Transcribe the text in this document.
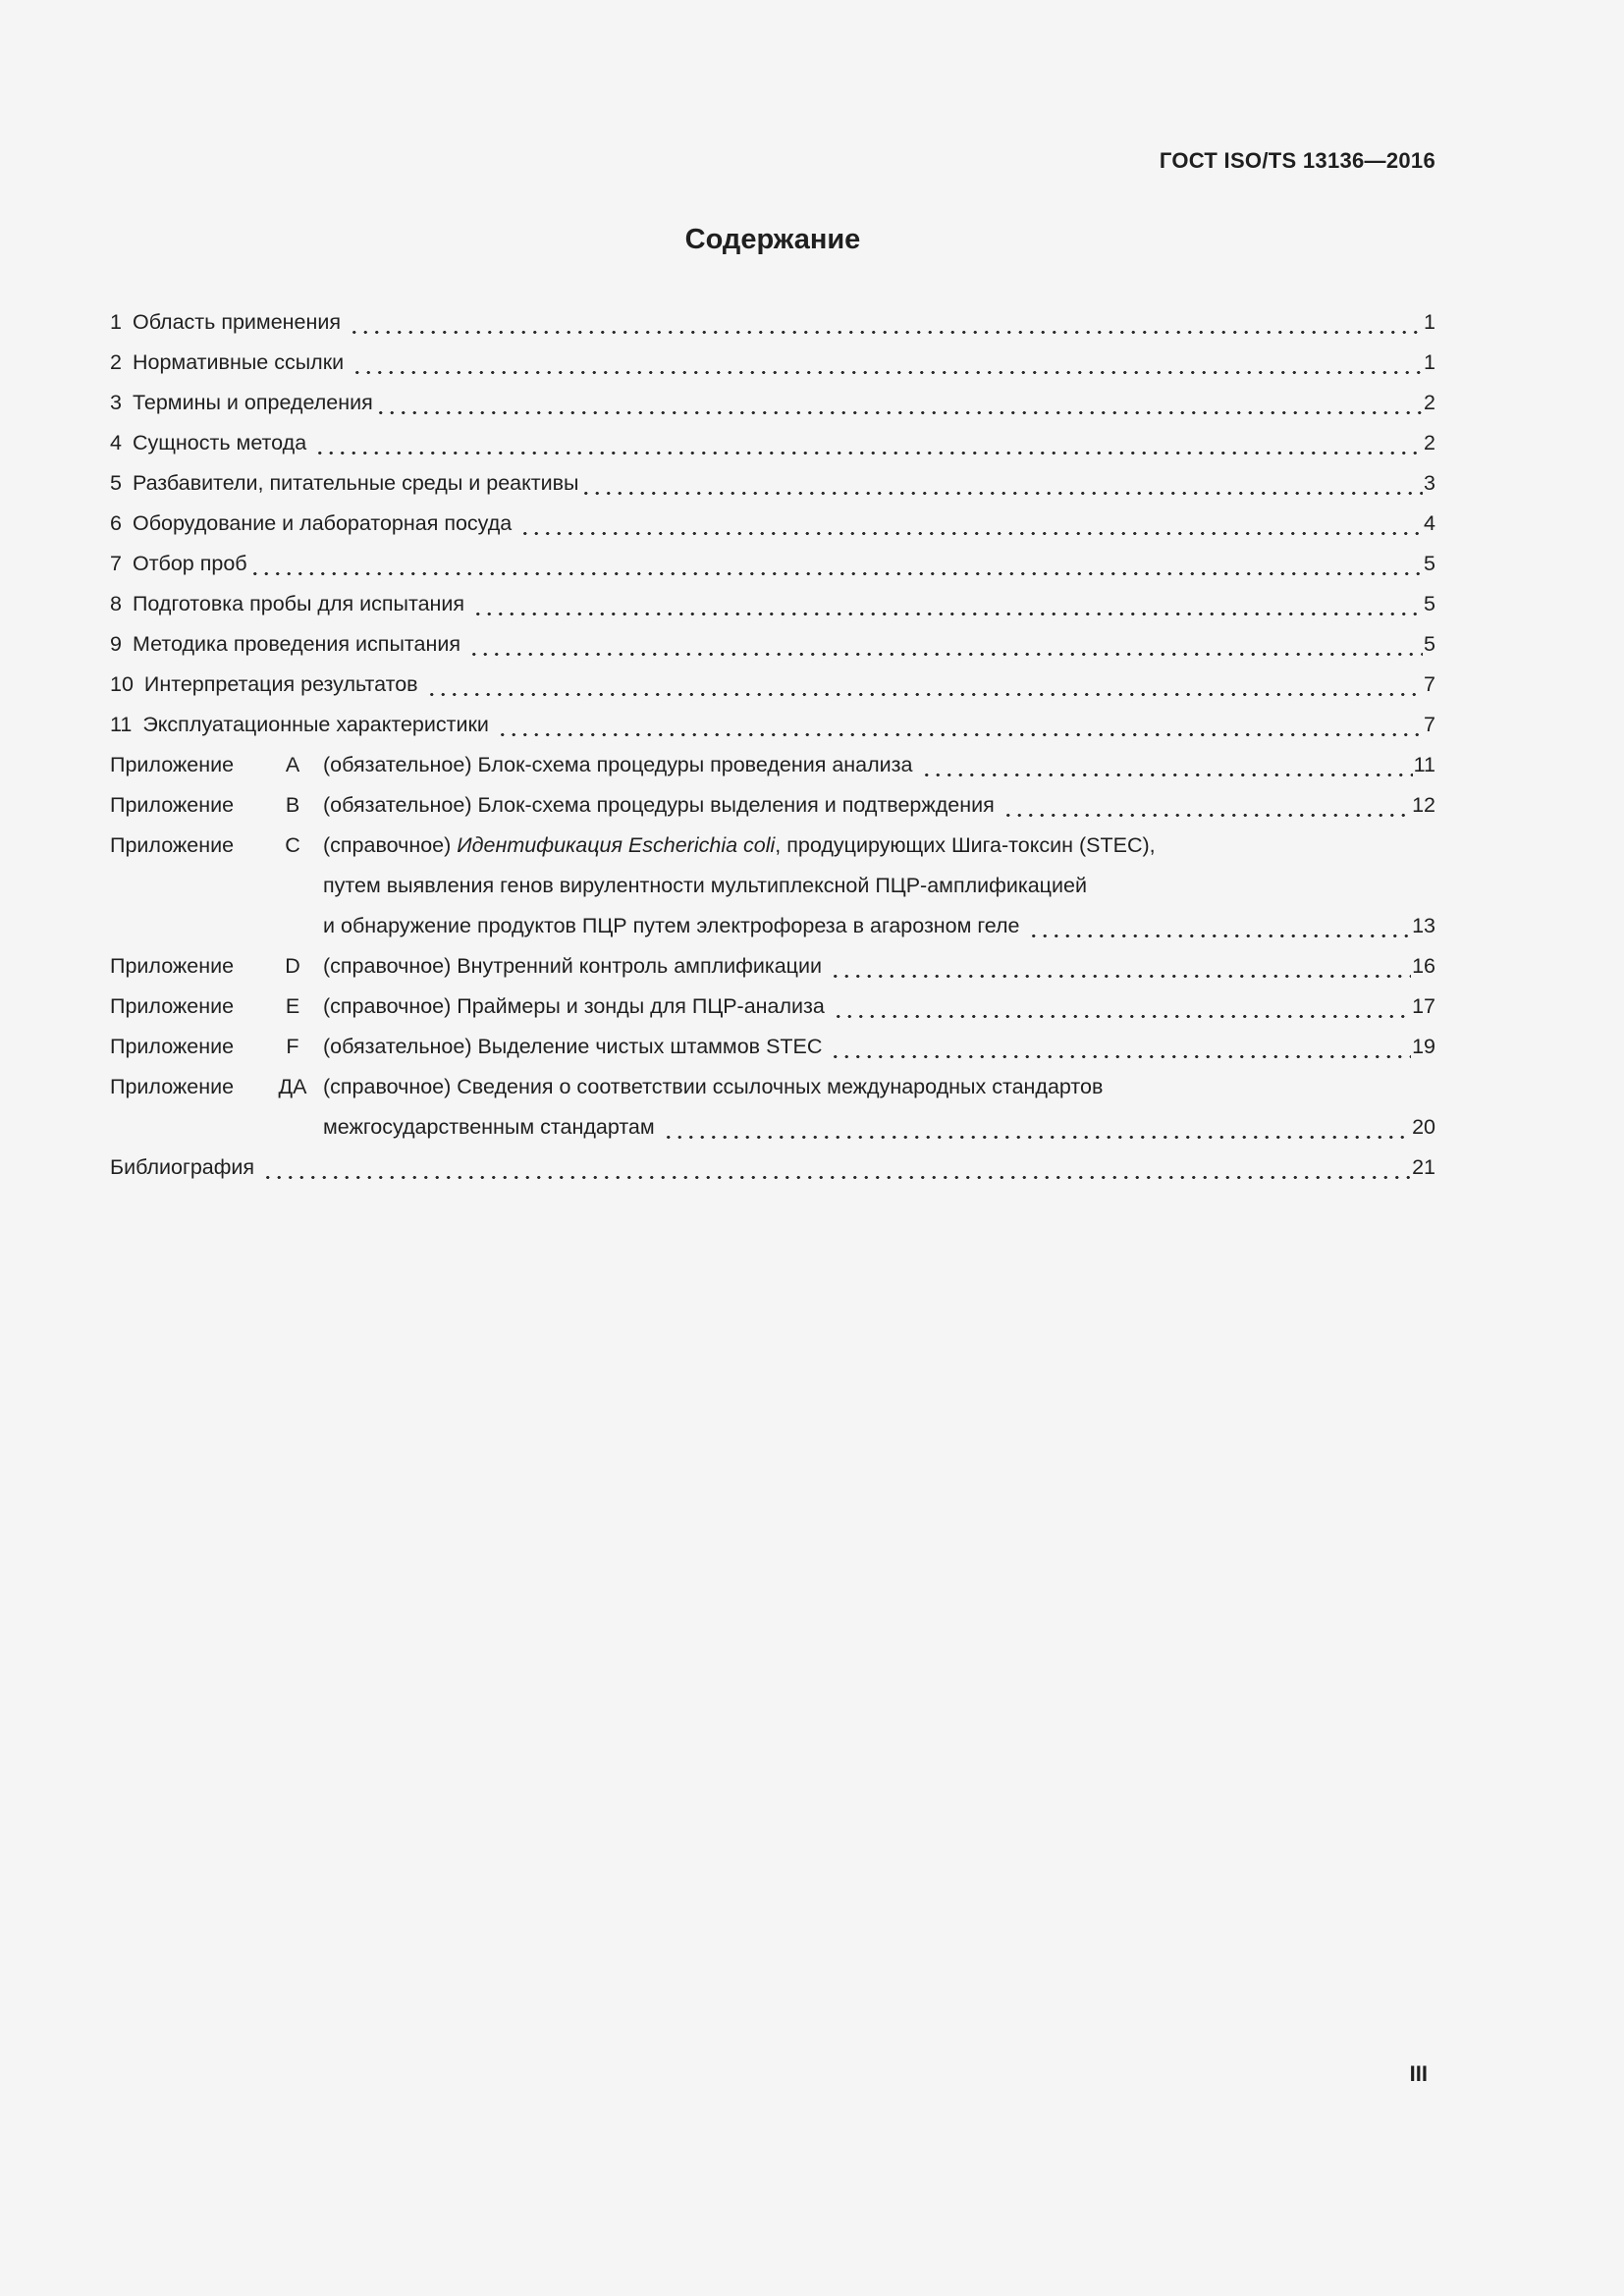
ГОСТ ISO/TS 13136—2016
Содержание
1 Область применения	1
2 Нормативные ссылки	1
3 Термины и определения	2
4 Сущность метода	2
5 Разбавители, питательные среды и реактивы	3
6 Оборудование и лабораторная посуда	4
7 Отбор проб	5
8 Подготовка пробы для испытания	5
9 Методика проведения испытания	5
10 Интерпретация результатов	7
11 Эксплуатационные характеристики	7
Приложение	A	(обязательное) Блок-схема процедуры проведения анализа	11
Приложение	B	(обязательное) Блок-схема процедуры выделения и подтверждения	12
Приложение	C	(справочное) Идентификация Escherichia coli, продуцирующих Шига-токсин (STEC),
путем выявления генов вирулентности мультиплексной ПЦР-амплификацией
и обнаружение продуктов ПЦР путем электрофореза в агарозном геле	13
Приложение	D	(справочное) Внутренний контроль амплификации	16
Приложение	E	(справочное) Праймеры и зонды для ПЦР-анализа	17
Приложение	F	(обязательное) Выделение чистых штаммов STEC	19
Приложение	ДА (справочное) Сведения о соответствии ссылочных международных стандартов
межгосударственным стандартам	20
Библиография	21
III
